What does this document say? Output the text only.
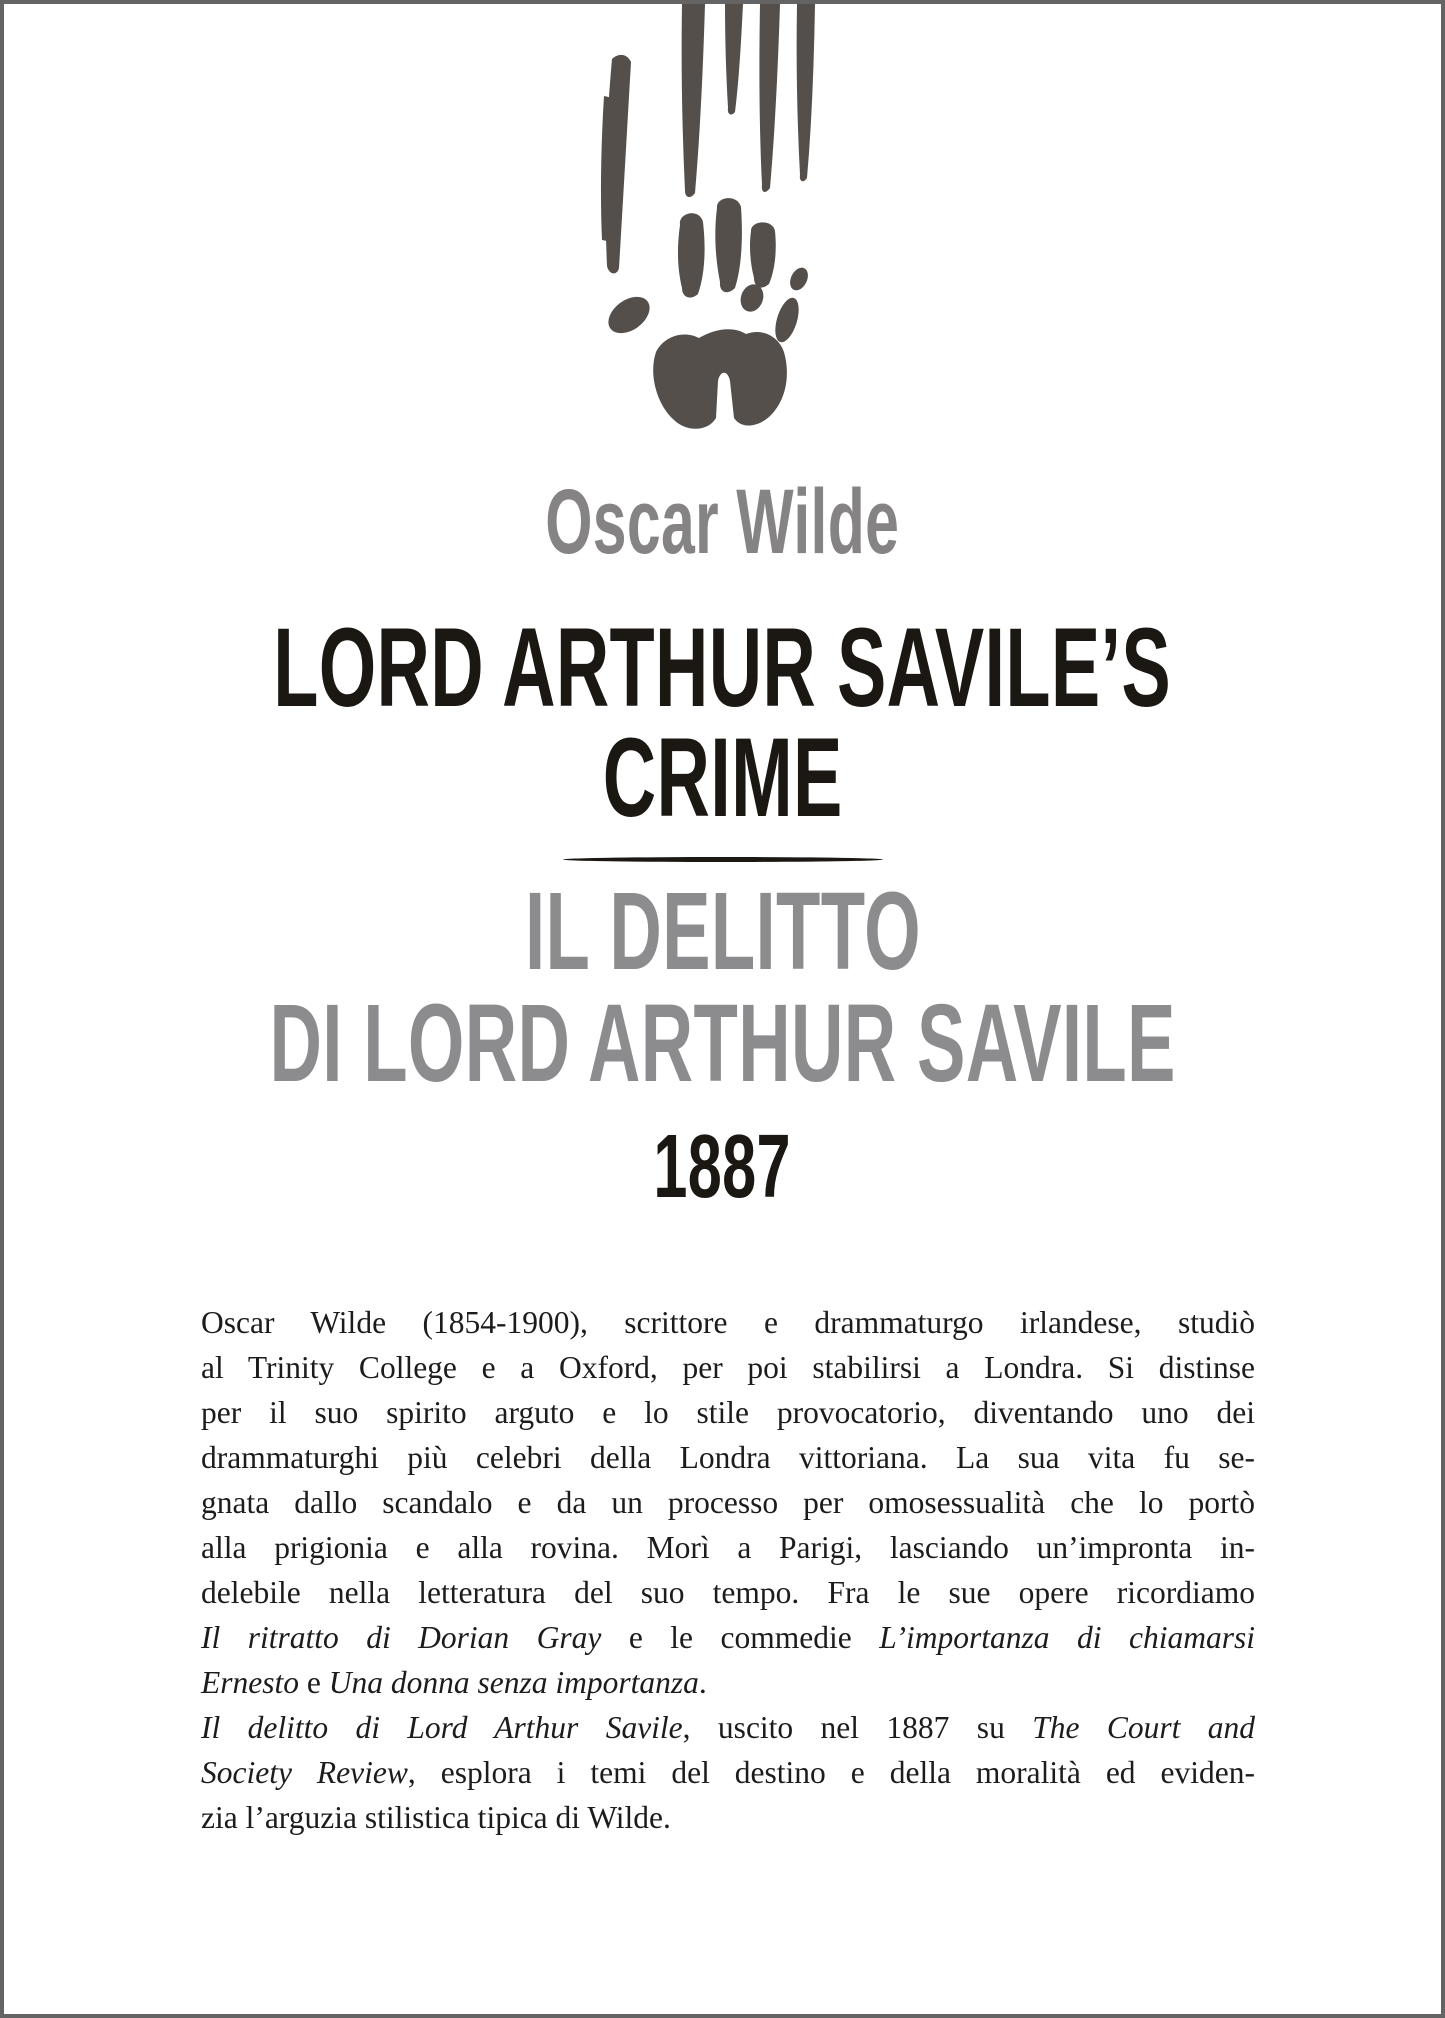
Oscar Wilde
LORD ARTHUR SAVILE’S
CRIME
IL DELITTO
DI LORD ARTHUR SAVILE
1887
Oscar Wilde (1854-1900), scrittore e drammaturgo irlandese, studiò
al Trinity College e a Oxford, per poi stabilirsi a Londra. Si distinse
per il suo spirito arguto e lo stile provocatorio, diventando uno dei
drammaturghi più celebri della Londra vittoriana. La sua vita fu se-
gnata dallo scandalo e da un processo per omosessualità che lo portò
alla prigionia e alla rovina. Morì a Parigi, lasciando un’impronta in-
delebile nella letteratura del suo tempo. Fra le sue opere ricordiamo
Il ritratto di Dorian Gray e le commedie L’importanza di chiamarsi
Ernesto e Una donna senza importanza.
Il delitto di Lord Arthur Savile, uscito nel 1887 su The Court and
Society Review, esplora i temi del destino e della moralità ed eviden-
zia l’arguzia stilistica tipica di Wilde.
